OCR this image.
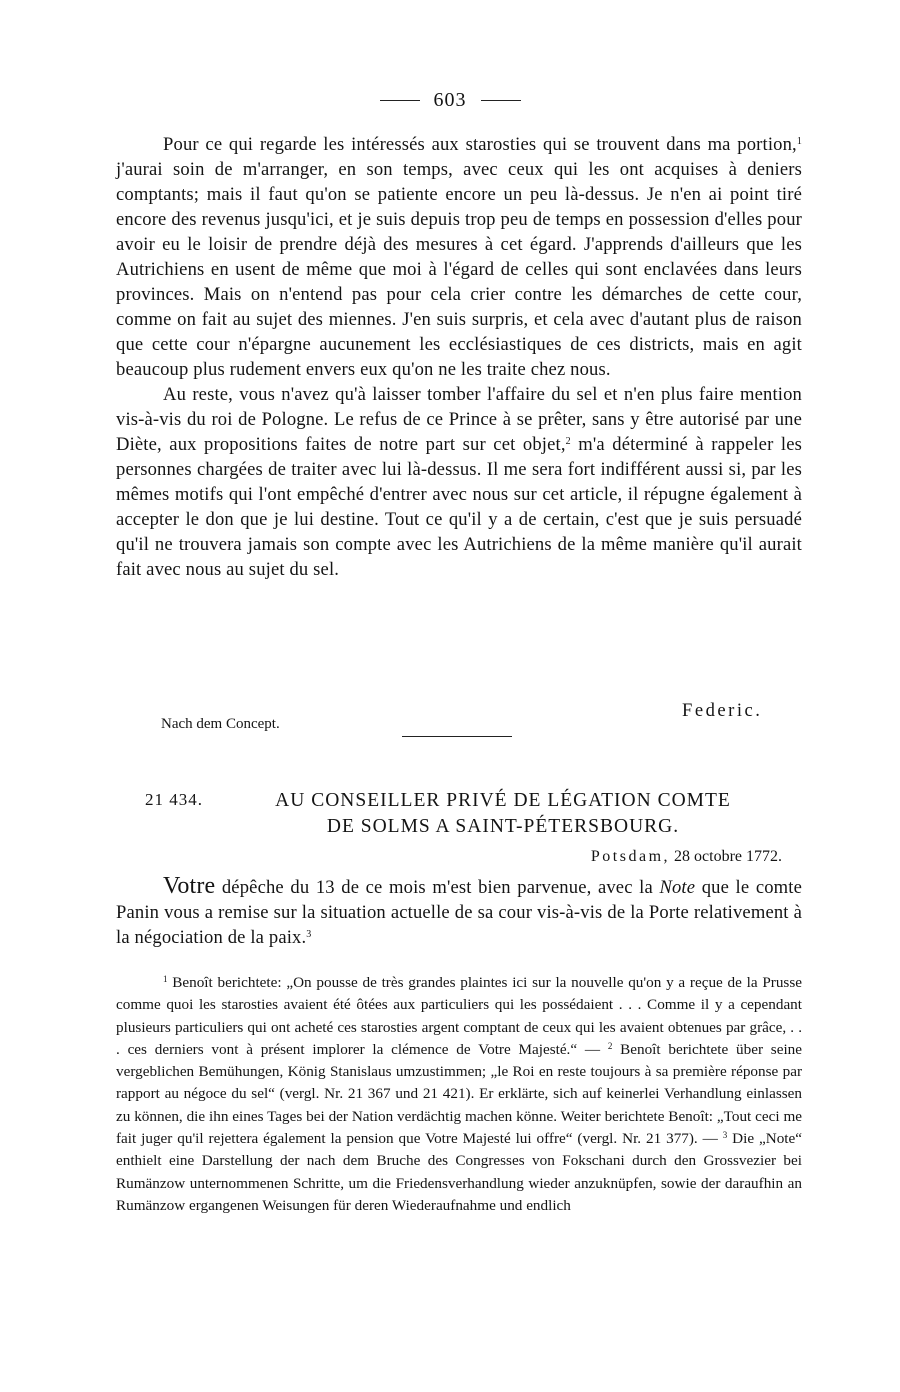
603

Pour ce qui regarde les intéressés aux starosties qui se trouvent dans ma portion,$^1$ j'aurai soin de m'arranger, en son temps, avec ceux qui les ont acquises à deniers comptants; mais il faut qu'on se patiente encore un peu là-dessus. Je n'en ai point tiré encore des revenus jusqu'ici, et je suis depuis trop peu de temps en possession d'elles pour avoir eu le loisir de prendre déjà des mesures à cet égard. J'apprends d'ailleurs que les Autrichiens en usent de même que moi à l'égard de celles qui sont enclavées dans leurs provinces. Mais on n'entend pas pour cela crier contre les démarches de cette cour, comme on fait au sujet des miennes. J'en suis surpris, et cela avec d'autant plus de raison que cette cour n'épargne aucunement les ecclésiastiques de ces districts, mais en agit beaucoup plus rudement envers eux qu'on ne les traite chez nous.

Au reste, vous n'avez qu'à laisser tomber l'affaire du sel et n'en plus faire mention vis-à-vis du roi de Pologne. Le refus de ce Prince à se prêter, sans y être autorisé par une Diète, aux propositions faites de notre part sur cet objet,$^2$ m'a déterminé à rappeler les personnes chargées de traiter avec lui là-dessus. Il me sera fort indifférent aussi si, par les mêmes motifs qui l'ont empêché d'entrer avec nous sur cet article, il répugne également à accepter le don que je lui destine. Tout ce qu'il y a de certain, c'est que je suis persuadé qu'il ne trouvera jamais son compte avec les Autrichiens de la même manière qu'il aurait fait avec nous au sujet du sel.

Federic.
Nach dem Concept.
21 434.	AU CONSEILLER PRIVÉ DE LÉGATION COMTE
DE SOLMS A SAINT-PÉTERSBOURG.
Potsdam, 28 octobre 1772.

Votre dépêche du 13 de ce mois m'est bien parvenue, avec la Note que le comte Panin vous a remise sur la situation actuelle de sa cour vis-à-vis de la Porte relativement à la négociation de la paix.$^3$

$^1$ Benoît berichtete: „On pousse de très grandes plaintes ici sur la nouvelle qu'on y a reçue de la Prusse comme quoi les starosties avaient été ôtées aux particuliers qui les possédaient . . . Comme il y a cependant plusieurs particuliers qui ont acheté ces starosties argent comptant de ceux qui les avaient obtenues par grâce, . . . ces derniers vont à présent implorer la clémence de Votre Majesté.“ — $^2$ Benoît berichtete über seine vergeblichen Bemühungen, König Stanislaus umzustimmen; „le Roi en reste toujours à sa première réponse par rapport au négoce du sel“ (vergl. Nr. 21 367 und 21 421). Er erklärte, sich auf keinerlei Verhandlung einlassen zu können, die ihn eines Tages bei der Nation verdächtig machen könne. Weiter berichtete Benoît: „Tout ceci me fait juger qu'il rejettera également la pension que Votre Majesté lui offre“ (vergl. Nr. 21 377). — $^3$ Die „Note“ enthielt eine Darstellung der nach dem Bruche des Congresses von Fokschani durch den Grossvezier bei Rumänzow unternommenen Schritte, um die Friedensverhandlung wieder anzuknüpfen, sowie der daraufhin an Rumänzow ergangenen Weisungen für deren Wiederaufnahme und endlich
